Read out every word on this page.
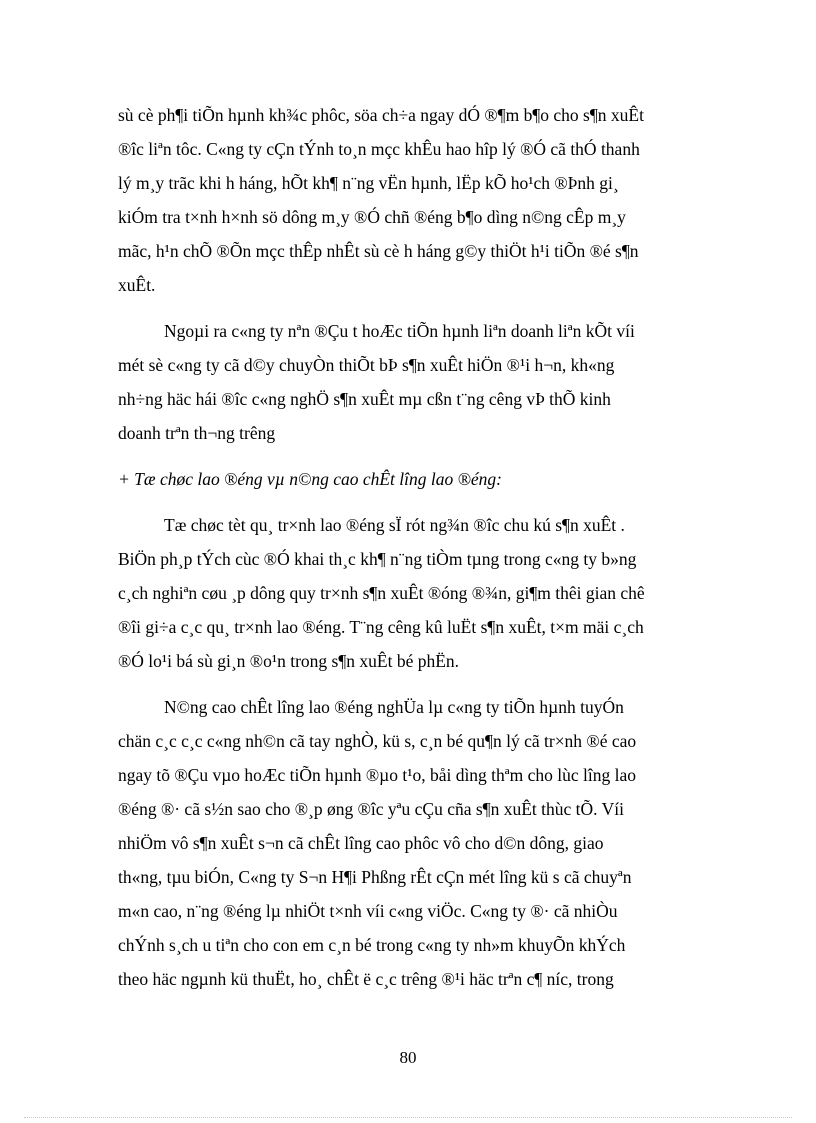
sù cè ph¶i tiÕn hµnh kh¾c phôc, söa ch÷a ngay dÓ ®¶m b¶o cho s¶n xuÊt
®îc liªn tôc. C«ng ty cÇn tÝnh to¸n mçc khÊu hao hîp lý ®Ó cã thÓ thanh
lý m¸y trãc khi h háng, hÕt kh¶ n¨ng vËn hµnh, lËp kÕ ho¹ch ®Þnh gi¸
kiÓm tra t×nh h×nh sö dông m¸y ®Ó chñ ®éng b¶o dìng n©ng cÊp m¸y
mãc, h¹n chÕ ®Õn mçc thÊp nhÊt sù cè h háng g©y thiÖt h¹i tiÕn ®é s¶n
xuÊt.

Ngoµi ra c«ng ty nªn ®Çu t hoÆc tiÕn hµnh liªn doanh liªn kÕt víi
mét sè c«ng ty cã d©y chuyÒn thiÕt bÞ s¶n xuÊt hiÖn ®¹i h¬n, kh«ng
nh÷ng häc hái ®îc c«ng nghÖ s¶n xuÊt mµ cßn t¨ng cêng vÞ thÕ kinh
doanh trªn th¬ng trêng

+ Tæ chøc lao ®éng vµ n©ng cao chÊt lîng lao ®éng:

Tæ chøc tèt qu¸ tr×nh lao ®éng sÏ rót ng¾n ®îc chu kú s¶n xuÊt .
BiÖn ph¸p tÝch cùc ®Ó khai th¸c kh¶ n¨ng tiÒm tµng trong c«ng ty b»ng
c¸ch nghiªn cøu ¸p dông quy tr×nh s¶n xuÊt ®óng ®¾n, gi¶m thêi gian chê
®îi gi÷a c¸c qu¸ tr×nh lao ®éng. T¨ng cêng kû luËt s¶n xuÊt, t×m mäi c¸ch
®Ó lo¹i bá sù gi¸n ®o¹n trong s¶n xuÊt bé phËn.

N©ng cao chÊt lîng lao ®éng nghÜa lµ c«ng ty tiÕn hµnh tuyÓn
chän c¸c c¸c c«ng nh©n cã tay nghÒ, kü s, c¸n bé qu¶n lý cã tr×nh ®é cao
ngay tõ ®Çu vµo hoÆc tiÕn hµnh ®µo t¹o, båi dìng thªm cho lùc lîng lao
®éng ®· cã s½n sao cho ®¸p øng ®îc yªu cÇu cña s¶n xuÊt thùc tÕ. Víi
nhiÖm vô s¶n xuÊt s¬n cã chÊt lîng cao phôc vô cho d©n dông, giao
th«ng, tµu biÓn, C«ng ty S¬n H¶i Phßng rÊt cÇn mét lîng kü s cã chuyªn
m«n cao, n¨ng ®éng lµ nhiÖt t×nh víi c«ng viÖc. C«ng ty ®· cã nhiÒu
chÝnh s¸ch u tiªn cho con em c¸n bé trong c«ng ty nh»m khuyÕn khÝch
theo häc ngµnh kü thuËt, ho¸ chÊt ë c¸c trêng ®¹i häc trªn c¶ níc, trong

80
